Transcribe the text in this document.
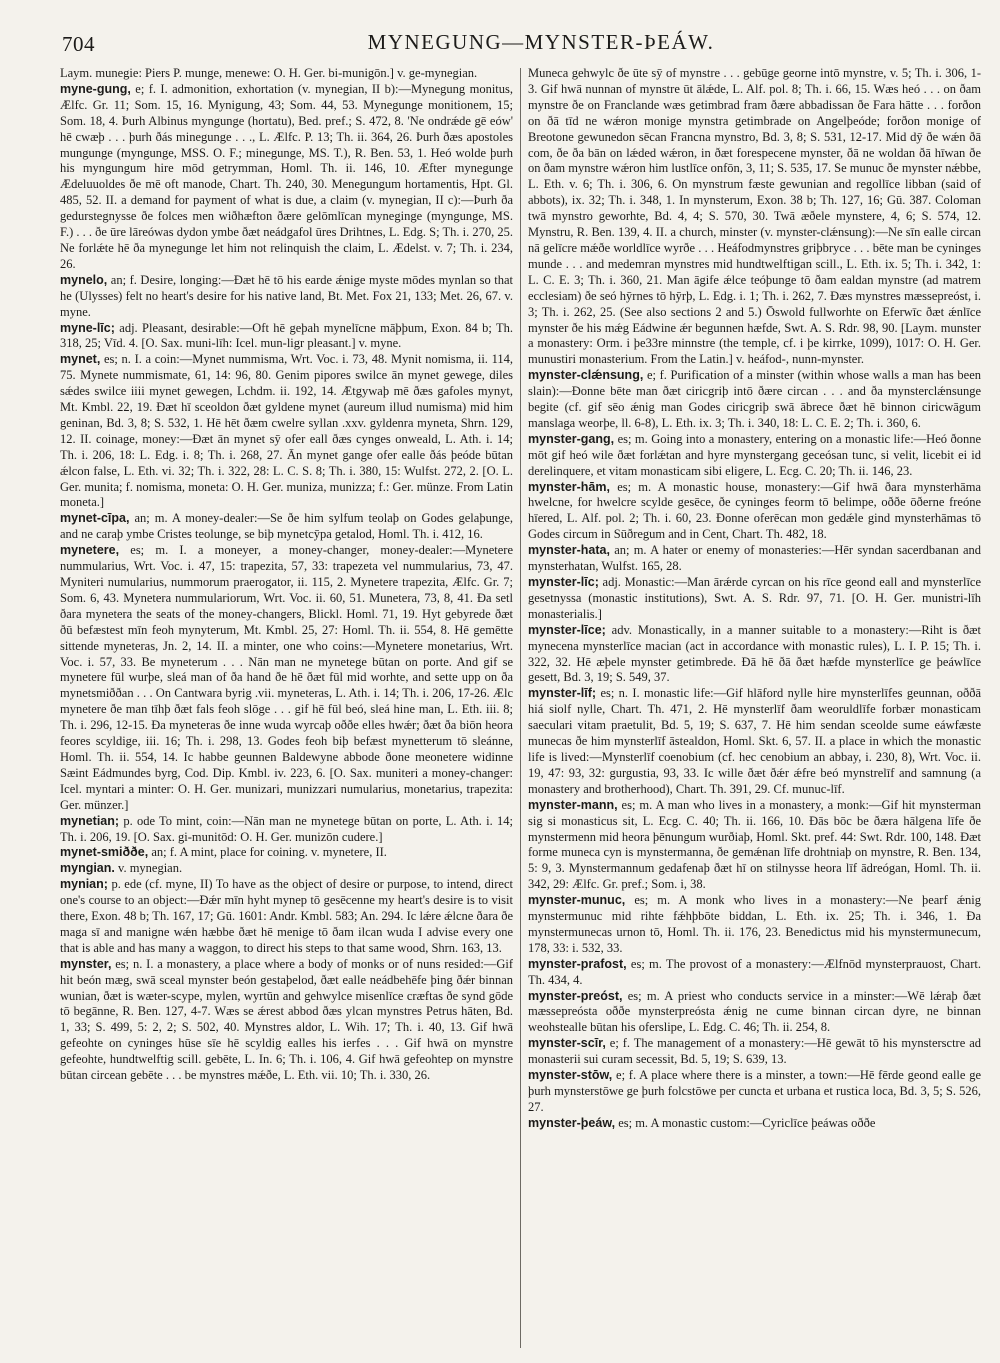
704	MYNEGUNG—MYNSTER-ÞEÁW.

Laym. munegie: Piers P. munge, menewe: O. H. Ger. bi-munigōn.] v. ge-mynegian.

myne-gung, e; f. I. admonition, exhortation (v. mynegian, II b):—Mynegung monitus, Ælfc. Gr. 11; Som. 15, 16. Mynigung, 43; Som. 44, 53. Mynegunge monitionem, 15; Som. 18, 4. Þurh Albinus myngunge (hortatu), Bed. pref.; S. 472, 8. 'Ne ondrǽde gē eów' hē cwæþ . . . þurh ðás minegunge . . ., L. Ælfc. P. 13; Th. ii. 364, 26. Þurh ðæs apostoles mungunge (myngunge, MSS. O. F.; minegunge, MS. T.), R. Ben. 53, 1. Heó wolde þurh his myngungum hire mōd getrymman, Homl. Th. ii. 146, 10. Æfter mynegunge Ædeluuoldes ðe mē oft manode, Chart. Th. 240, 30. Menegungum hortamentis, Hpt. Gl. 485, 52. II. a demand for payment of what is due, a claim (v. mynegian, II c):—Þurh ða gedurstegnysse ðe folces men wiðhæfton ðære gelōmlīcan myneginge (myngunge, MS. F.) . . . ðe ūre lāreówas dydon ymbe ðæt neádgafol ūres Drihtnes, L. Edg. S; Th. i. 270, 25. Ne forlǽte hē ða mynegunge let him not relinquish the claim, L. Ædelst. v. 7; Th. i. 234, 26.

mynelo, an; f. Desire, longing:—Ðæt hē tō his earde ǽnige myste mōdes mynlan so that he (Ulysses) felt no heart's desire for his native land, Bt. Met. Fox 21, 133; Met. 26, 67. v. myne.

myne-līc; adj. Pleasant, desirable:—Oft hē geþah mynelīcne māþþum, Exon. 84 b; Th. 318, 25; Vīd. 4. [O. Sax. muni-līh: Icel. mun-ligr pleasant.] v. myne.

mynet, es; n. I. a coin:—Mynet nummisma, Wrt. Voc. i. 73, 48. Mynit nomisma, ii. 114, 75. Mynete nummismate, 61, 14: 96, 80. Genim pipores swilce ān mynet gewege, diles sǽdes swilce iiii mynet gewegen, Lchdm. ii. 192, 14. Ætgywaþ mē ðæs gafoles mynyt, Mt. Kmbl. 22, 19. Ðæt hī sceoldon ðæt gyldene mynet (aureum illud numisma) mid him geninan, Bd. 3, 8; S. 532, 1. Hē hēt ðæm cwelre syllan .xxv. gyldenra myneta, Shrn. 129, 12. II. coinage, money:—Ðæt ān mynet sȳ ofer eall ðæs cynges onweald, L. Ath. i. 14; Th. i. 206, 18: L. Edg. i. 8; Th. i. 268, 27. Ān mynet gange ofer ealle ðás þeóde būtan ǽlcon false, L. Eth. vi. 32; Th. i. 322, 28: L. C. S. 8; Th. i. 380, 15: Wulfst. 272, 2. [O. L. Ger. munita; f. nomisma, moneta: O. H. Ger. muniza, munizza; f.: Ger. münze. From Latin moneta.]

mynet-cīpa, an; m. A money-dealer:—Se ðe him sylfum teolaþ on Godes gelaþunge, and ne caraþ ymbe Cristes teolunge, se biþ mynetcȳpa getalod, Homl. Th. i. 412, 16.

mynetere, es; m. I. a moneyer, a money-changer, money-dealer:—Mynetere nummularius, Wrt. Voc. i. 47, 15: trapezita, 57, 33: trapezeta vel nummularius, 73, 47. Myniteri numularius, nummorum praerogator, ii. 115, 2. Mynetere trapezita, Ælfc. Gr. 7; Som. 6, 43. Mynetera nummulariorum, Wrt. Voc. ii. 60, 51. Munetera, 73, 8, 41. Ða setl ðara mynetera the seats of the money-changers, Blickl. Homl. 71, 19. Hyt gebyrede ðæt ðū befæstest mīn feoh mynyterum, Mt. Kmbl. 25, 27: Homl. Th. ii. 554, 8. Hē gemētte sittende myneteras, Jn. 2, 14. II. a minter, one who coins:—Mynetere monetarius, Wrt. Voc. i. 57, 33. Be myneterum . . . Nān man ne mynetege būtan on porte. And gif se mynetere fūl wurþe, sleá man of ða hand ðe hē ðæt fūl mid worhte, and sette upp on ða mynetsmiððan . . . On Cantwara byrig .vii. myneteras, L. Ath. i. 14; Th. i. 206, 17-26. Ælc mynetere ðe man tīhþ ðæt fals feoh slōge . . . gif hē fūl beó, sleá hine man, L. Eth. iii. 8; Th. i. 296, 12-15. Ða myneteras ðe inne wuda wyrcaþ oððe elles hwǽr; ðæt ða biōn heora feores scyldige, iii. 16; Th. i. 298, 13. Godes feoh biþ befæst mynetterum tō sleánne, Homl. Th. ii. 554, 14. Ic habbe geunnen Baldewyne abbode ðone meonetere widinne Sæint Eádmundes byrg, Cod. Dip. Kmbl. iv. 223, 6. [O. Sax. muniteri a money-changer: Icel. myntari a minter: O. H. Ger. munizari, munizzari numularius, monetarius, trapezita: Ger. münzer.]

mynetian; p. ode To mint, coin:—Nān man ne mynetege būtan on porte, L. Ath. i. 14; Th. i. 206, 19. [O. Sax. gi-munitōd: O. H. Ger. munizōn cudere.]

mynet-smiððe, an; f. A mint, place for coining. v. mynetere, II.

myngian. v. mynegian.

mynian; p. ede (cf. myne, II) To have as the object of desire or purpose, to intend, direct one's course to an object:—Ðǽr mīn hyht mynep tō gesēcenne my heart's desire is to visit there, Exon. 48 b; Th. 167, 17; Gū. 1601: Andr. Kmbl. 583; An. 294. Ic lǽre ǽlcne ðara ðe maga sī and manigne wǽn hæbbe ðæt hē menige tō ðam ilcan wuda I advise every one that is able and has many a waggon, to direct his steps to that same wood, Shrn. 163, 13.

mynster, es; n. I. a monastery, a place where a body of monks or of nuns resided:—Gif hit beón mæg, swā sceal mynster beón gestaþelod, ðæt ealle neádbehēfe þing ðǽr binnan wunian, ðæt is wæter-scype, mylen, wyrtūn and gehwylce misenlīce cræftas ðe synd gōde tō begānne, R. Ben. 127, 4-7. Wæs se ǽrest abbod ðæs ylcan mynstres Petrus hāten, Bd. 1, 33; S. 499, 5: 2, 2; S. 502, 40. Mynstres aldor, L. Wih. 17; Th. i. 40, 13. Gif hwā gefeohte on cyninges hūse sīe hē scyldig ealles his ierfes . . . Gif hwā on mynstre gefeohte, hundtwelftig scill. gebēte, L. In. 6; Th. i. 106, 4. Gif hwā gefeohtep on mynstre būtan circean gebēte . . . be mynstres mǽðe, L. Eth. vii. 10; Th. i. 330, 26.

Muneca gehwylc ðe ūte sȳ of mynstre . . . gebūge georne intō mynstre, v. 5; Th. i. 306, 1-3. Gif hwā nunnan of mynstre ūt ālǽde, L. Alf. pol. 8; Th. i. 66, 15. Wæs heó . . . on ðam mynstre ðe on Franclande wæs getimbrad fram ðære abbadissan ðe Fara hātte . . . forðon on ðā tīd ne wǽron monige mynstra getimbrade on Angelþeóde; forðon monige of Breotone gewunedon sēcan Francna mynstro, Bd. 3, 8; S. 531, 12-17. Mid dȳ ðe wǽn ðā com, ðe ða bān on lǽded wǽron, in ðæt forespecene mynster, ðā ne woldan ðā hīwan ðe on ðam mynstre wǽron him lustlīce onfōn, 3, 11; S. 535, 17. Se munuc ðe mynster nǽbbe, L. Eth. v. 6; Th. i. 306, 6. On mynstrum fæste gewunian and regollīce libban (said of abbots), ix. 32; Th. i. 348, 1. In mynsterum, Exon. 38 b; Th. 127, 16; Gū. 387. Coloman twā mynstro geworhte, Bd. 4, 4; S. 570, 30. Twā æðele mynstere, 4, 6; S. 574, 12. Mynstru, R. Ben. 139, 4. II. a church, minster (v. mynster-clǽnsung):—Ne sīn ealle circan nā gelīcre mǽðe worldlīce wyrðe . . . Heáfodmynstres griþbryce . . . bēte man be cyninges munde . . . and medemran mynstres mid hundtwelftigan scill., L. Eth. ix. 5; Th. i. 342, 1: L. C. E. 3; Th. i. 360, 21. Man āgife ǽlce teóþunge tō ðam ealdan mynstre (ad matrem ecclesiam) ðe seó hȳrnes tō hȳrþ, L. Edg. i. 1; Th. i. 262, 7. Ðæs mynstres mæssepreóst, i. 3; Th. i. 262, 25. (See also sections 2 and 5.) Ōswold fullworhte on Eferwīc ðæt ǽnlīce mynster ðe his mǽg Eádwine ǽr begunnen hæfde, Swt. A. S. Rdr. 98, 90. [Laym. munster a monastery: Orm. i þe33re minnstre (the temple, cf. i þe kirrke, 1099), 1017: O. H. Ger. munustiri monasterium. From the Latin.] v. heáfod-, nunn-mynster.

mynster-clǽnsung, e; f. Purification of a minster (within whose walls a man has been slain):—Ðonne bēte man ðæt ciricgriþ intō ðære circan . . . and ða mynsterclǽnsunge begite (cf. gif sēo ǽnig man Godes ciricgriþ swā ābrece ðæt hē binnon ciricwāgum manslaga weorþe, ll. 6-8), L. Eth. ix. 3; Th. i. 340, 18: L. C. E. 2; Th. i. 360, 6.

mynster-gang, es; m. Going into a monastery, entering on a monastic life:—Heó ðonne mōt gif heó wile ðæt forlǽtan and hyre mynstergang geceósan tunc, si velit, licebit ei id derelinquere, et vitam monasticam sibi eligere, L. Ecg. C. 20; Th. ii. 146, 23.

mynster-hām, es; m. A monastic house, monastery:—Gif hwā ðara mynsterhāma hwelcne, for hwelcre scylde gesēce, ðe cyninges feorm tō belimpe, oððe ōðerne freóne hīered, L. Alf. pol. 2; Th. i. 60, 23. Ðonne oferēcan mon gedǽle gind mynsterhāmas tō Godes circum in Sūðregum and in Cent, Chart. Th. 482, 18.

mynster-hata, an; m. A hater or enemy of monasteries:—Hēr syndan sacerdbanan and mynsterhatan, Wulfst. 165, 28.

mynster-līc; adj. Monastic:—Man ārǽrde cyrcan on his rīce geond eall and mynsterlīce gesetnyssa (monastic institutions), Swt. A. S. Rdr. 97, 71. [O. H. Ger. munistri-līh monasterialis.]

mynster-līce; adv. Monastically, in a manner suitable to a monastery:—Riht is ðæt mynecena mynsterlīce macian (act in accordance with monastic rules), L. I. P. 15; Th. i. 322, 32. Hē æþele mynster getimbrede. Ðā hē ðā ðæt hæfde mynsterlīce ge þeáwlīce gesett, Bd. 3, 19; S. 549, 37.

mynster-līf; es; n. I. monastic life:—Gif hlāford nylle hire mynsterlīfes geunnan, oððā hiá siolf nylle, Chart. Th. 471, 2. Hē mynsterlīf ðam weoruldlīfe forbær monasticam saeculari vitam praetulit, Bd. 5, 19; S. 637, 7. Hē him sendan sceolde sume eáwfæste munecas ðe him mynsterlīf āstealdon, Homl. Skt. 6, 57. II. a place in which the monastic life is lived:—Mynsterlīf coenobium (cf. hec cenobium an abbay, i. 230, 8), Wrt. Voc. ii. 19, 47: 93, 32: gurgustia, 93, 33. Ic wille ðæt ðǽr ǽfre beó mynstrelīf and samnung (a monastery and brotherhood), Chart. Th. 391, 29. Cf. munuc-līf.

mynster-mann, es; m. A man who lives in a monastery, a monk:—Gif hit mynsterman sig si monasticus sit, L. Ecg. C. 40; Th. ii. 166, 10. Ðās bōc be ðæra hālgena līfe ðe mynstermenn mid heora þēnungum wurðiaþ, Homl. Skt. pref. 44: Swt. Rdr. 100, 148. Ðæt forme muneca cyn is mynstermanna, ðe gemǽnan līfe drohtniaþ on mynstre, R. Ben. 134, 5: 9, 3. Mynstermannum gedafenaþ ðæt hī on stilnysse heora līf ādreógan, Homl. Th. ii. 342, 29: Ælfc. Gr. pref.; Som. i, 38.

mynster-munuc, es; m. A monk who lives in a monastery:—Ne þearf ǽnig mynstermunuc mid rihte fǽhþbōte biddan, L. Eth. ix. 25; Th. i. 346, 1. Ða mynstermunecas urnon tō, Homl. Th. ii. 176, 23. Benedictus mid his mynstermunecum, 178, 33: i. 532, 33.

mynster-prafost, es; m. The provost of a monastery:—Ælfnōd mynsterprauost, Chart. Th. 434, 4.

mynster-preóst, es; m. A priest who conducts service in a minster:—Wē lǽraþ ðæt mæssepreósta oððe mynsterpreósta ǽnig ne cume binnan circan dyre, ne binnan weohstealle būtan his oferslipe, L. Edg. C. 46; Th. ii. 254, 8.

mynster-scīr, e; f. The management of a monastery:—Hē gewāt tō his mynstersctre ad monasterii sui curam secessit, Bd. 5, 19; S. 639, 13.

mynster-stōw, e; f. A place where there is a minster, a town:—Hē fērde geond ealle ge þurh mynsterstōwe ge þurh folcstōwe per cuncta et urbana et rustica loca, Bd. 3, 5; S. 526, 27.

mynster-þeáw, es; m. A monastic custom:—Cyriclīce þeáwas oððe
